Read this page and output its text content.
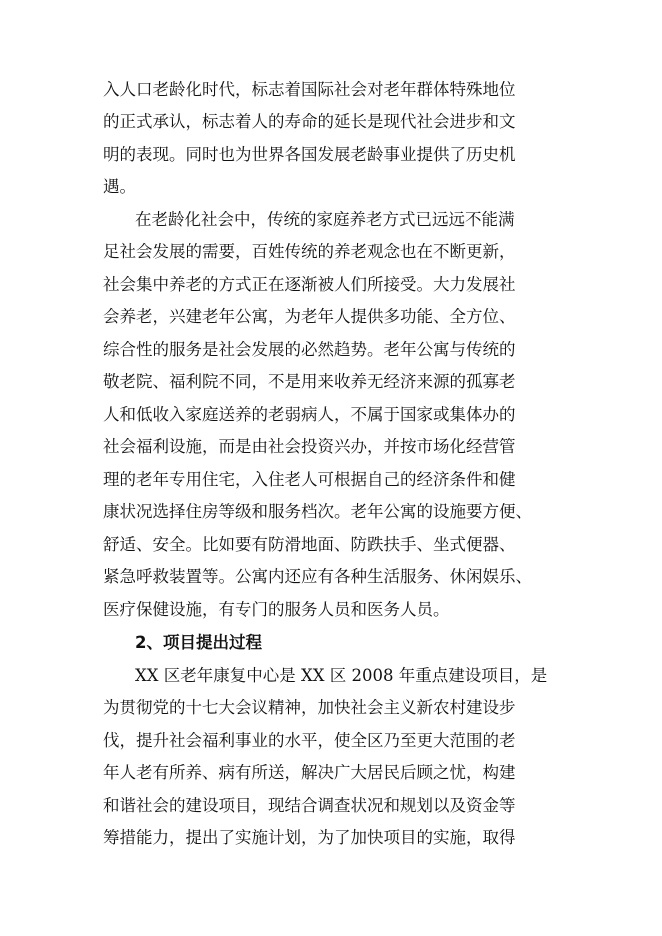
入人口老龄化时代，标志着国际社会对老年群体特殊地位
的正式承认，标志着人的寿命的延长是现代社会进步和文
明的表现。同时也为世界各国发展老龄事业提供了历史机
遇。
在老龄化社会中，传统的家庭养老方式已远远不能满
足社会发展的需要，百姓传统的养老观念也在不断更新，
社会集中养老的方式正在逐渐被人们所接受。大力发展社
会养老，兴建老年公寓，为老年人提供多功能、全方位、
综合性的服务是社会发展的必然趋势。老年公寓与传统的
敬老院、福利院不同，不是用来收养无经济来源的孤寡老
人和低收入家庭送养的老弱病人，不属于国家或集体办的
社会福利设施，而是由社会投资兴办，并按市场化经营管
理的老年专用住宅，入住老人可根据自己的经济条件和健
康状况选择住房等级和服务档次。老年公寓的设施要方便、
舒适、安全。比如要有防滑地面、防跌扶手、坐式便器、
紧急呼救装置等。公寓内还应有各种生活服务、休闲娱乐、
医疗保健设施，有专门的服务人员和医务人员。
2、项目提出过程
XX 区老年康复中心是 XX 区 2008 年重点建设项目，是
为贯彻党的十七大会议精神，加快社会主义新农村建设步
伐，提升社会福利事业的水平，使全区乃至更大范围的老
年人老有所养、病有所送，解决广大居民后顾之忧，构建
和谐社会的建设项目，现结合调查状况和规划以及资金等
筹措能力，提出了实施计划，为了加快项目的实施，取得
